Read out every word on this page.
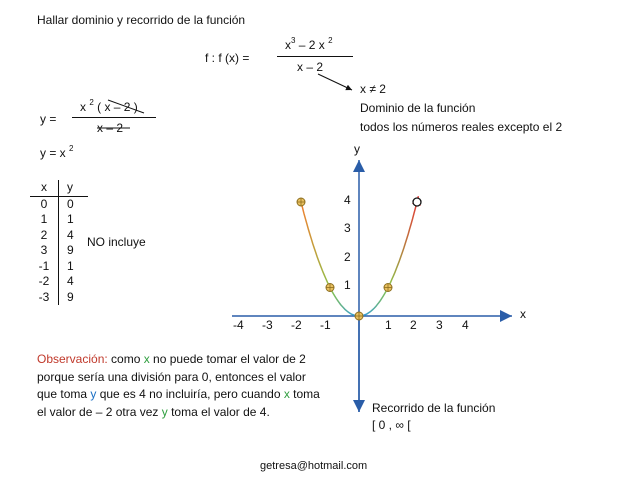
Hallar dominio y recorrido de la función
f : f (x) =
$x^3 - 2$ x $^2$
x – 2
x ≠ 2
Dominio de la función
todos los números reales excepto el 2
y =
x $^2$ ( x – 2 )
x – 2
y = x $^2$
x	y
0	0
1	1
2	4
3	9
-1	1
-2	4
-3	9
NO incluye
Observación: como x no puede tomar el valor de 2 porque sería una división para 0, entonces el valor que toma y que es 4 no incluiría, pero cuando x toma el valor de – 2 otra vez y toma el valor de 4.
x
y
-4 -3 -2 -1	1 2 3 4
4
3
2
1
Recorrido de la función
[ 0 , ∞ [
getresa@hotmail.com
